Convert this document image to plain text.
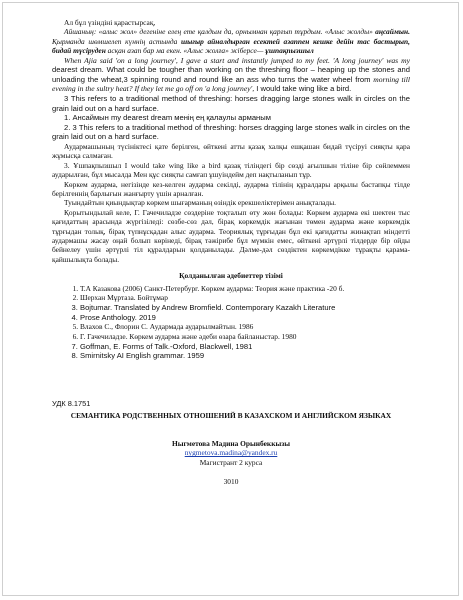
Ал бұл үзіндіні қарастырсақ,

Айшаның: «алыс жол» дегеніне елең ете қалдым да, орнымнан қарғып тұрдым. «Алыс жолды» аңсаймын. Қырманда шөмшелеп күннің астында шығыр айналдырған есектей азаппен кешке дейін тас бастырып, бидай түсіруден асқан азап бар ма екен. «Алыс жолға» жіберсе— ұшпақпызшыл

When Ajia said 'on a long journey', I gave a start and instantly jumped to my feet. 'A long journey' was my dearest dream. What could be tougher than working on the threshing floor – heaping up the stones and unloading the wheat,3 spinning round and round like an ass who turns the water wheel from morning till evening in the sultry heat? If they let me go off on 'a long journey', I would take wing like a bird.

3 This refers to a traditional method of threshing: horses dragging large stones walk in circles on the grain laid out on a hard surface.

1. Ансаймын my dearest dream менің ең қалаулы арманым

2. 3 This refers to a traditional method of threshing: horses dragging large stones walk in circles on the grain laid out on a hard surface.

Аудармашының түсініктесі қате берілген, өйткені атты қазақ халқы ешқашан бидай түсіруі сияқты қара жұмысқа салмаған.

3. Ұшпақпызшыл I would take wing like a bird қазақ тіліндегі бір сөзді ағылшын тіліне бір сөйлеммен аударылған, бұл мысалда Мен құс сияқты самғап ұшуіндейм деп нақтыланып тұр.

Көркем аударма, негізінде кез-келген аударма секілді, аударма тілінің құралдары арқылы бастапқы тілде берілгеннің барлығын жанғырту үшін арналған.

Туындайтын қиындықтар көркем шығарманың өзіндік ерекшеліктерімен анықталады.

Қорытындылай келе, Г. Гачечиладзе сөздеріне тоқталып өту жөн болады: Көркем аударма екі шектен тыс қағидаттың арасында жүргізіледі: сөзбе-сөз дәл, бірақ көркемдік жағынан төмен аударма және көркемдік тұрғыдан толық, бірақ түпнұсқадан алыс аударма. Теориялық тұрғыдан бұл екі қағидатты жинақтап міндетті аудармашы жасау оңай болып көрінеді, бірақ тәжірибе бұл мүмкін емес, өйткені әртүрлі тілдерде бір ойды бейнелеу үшін әртүрлі тіл құралдарын қолданылады. Дәлме-дәл сөздіктен көркемдікке тұрақты қарама-қайшылықта болады.

Қолданылған әдебиеттер тізімі

1. Т.А Казакова (2006) Санкт-Петербург. Көркем аударма: Теория және практика -20 б.
2. Шерхан Мұртаза. Бойтұмар
3. Bojtumar. Translated by Andrew Bromfield. Contemporary Kazakh Literature
4. Prose Anthology. 2019
5. Влахов С., Флорин С. Аудармада аударылмайтын. 1986
6. Г. Гачечиладзе. Көркем аударма және әдеби өзара байланыстар. 1980
7. Goffman, E. Forms of Talk.-Oxford, Blackwell, 1981
8. Smirnitsky AI English grammar. 1959

УДК 8.1751

СЕМАНТИКА РОДСТВЕННЫХ ОТНОШЕНИЙ В КАЗАХСКОМ И АНГЛИЙСКОМ ЯЗЫКАХ

Ныгметова Мадина Орынбеккызы

nygmetova.madina@yandex.ru

Магистрант 2 курса

3010
